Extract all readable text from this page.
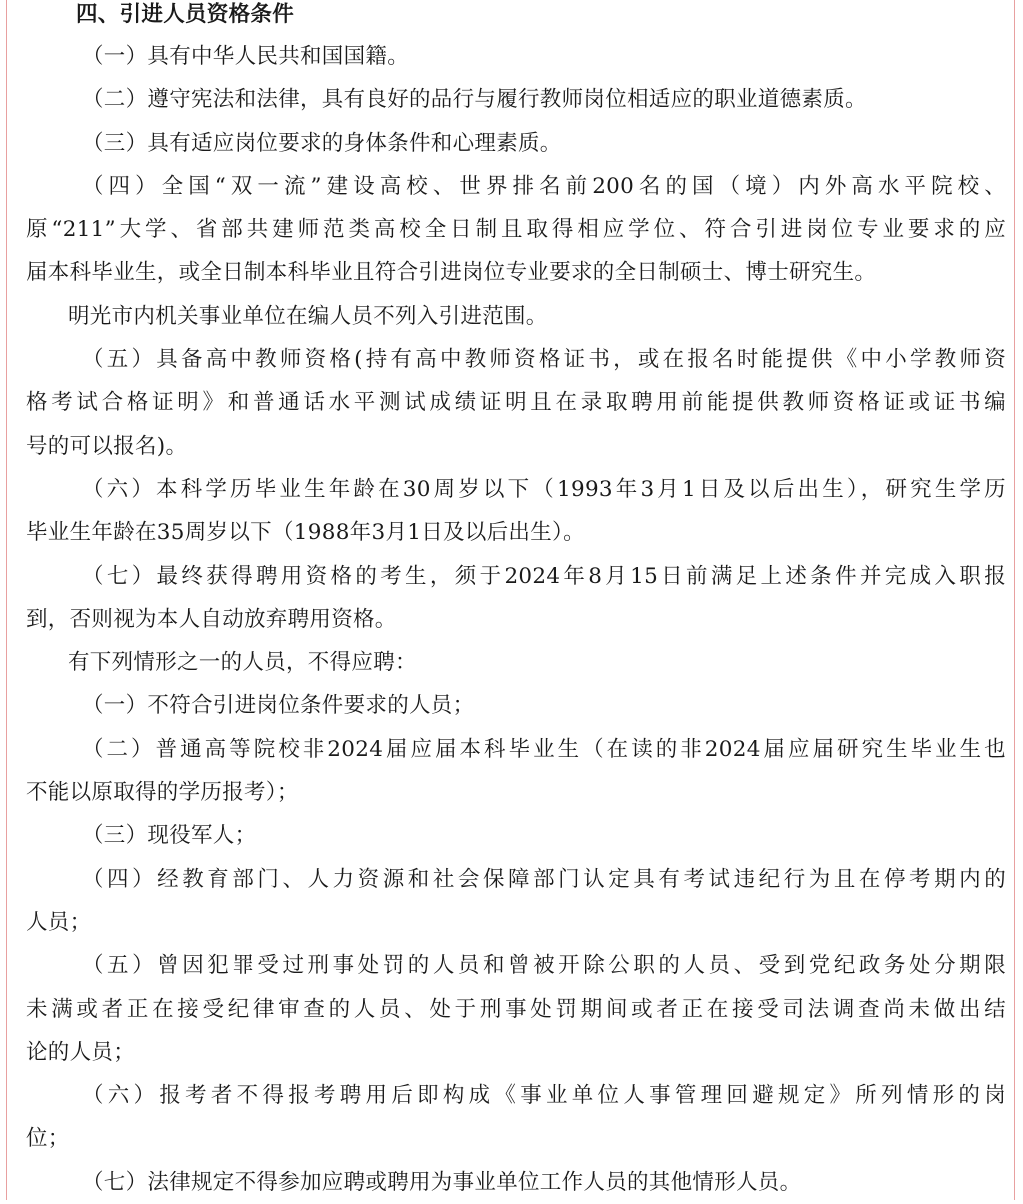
四、引进人员资格条件
（一）具有中华人民共和国国籍。
（二）遵守宪法和法律，具有良好的品行与履行教师岗位相适应的职业道德素质。
（三）具有适应岗位要求的身体条件和心理素质。
（四）全国“双一流”建设高校、世界排名前200名的国（境）内外高水平院校、
原“211”大学、省部共建师范类高校全日制且取得相应学位、符合引进岗位专业要求的应
届本科毕业生，或全日制本科毕业且符合引进岗位专业要求的全日制硕士、博士研究生。
明光市内机关事业单位在编人员不列入引进范围。
（五）具备高中教师资格(持有高中教师资格证书，或在报名时能提供《中小学教师资
格考试合格证明》和普通话水平测试成绩证明且在录取聘用前能提供教师资格证或证书编
号的可以报名)。
（六）本科学历毕业生年龄在30周岁以下（1993年3月1日及以后出生），研究生学历
毕业生年龄在35周岁以下（1988年3月1日及以后出生）。
（七）最终获得聘用资格的考生，须于2024年8月15日前满足上述条件并完成入职报
到，否则视为本人自动放弃聘用资格。
有下列情形之一的人员，不得应聘：
（一）不符合引进岗位条件要求的人员；
（二）普通高等院校非2024届应届本科毕业生（在读的非2024届应届研究生毕业生也
不能以原取得的学历报考）；
（三）现役军人；
（四）经教育部门、人力资源和社会保障部门认定具有考试违纪行为且在停考期内的
人员；
（五）曾因犯罪受过刑事处罚的人员和曾被开除公职的人员、受到党纪政务处分期限
未满或者正在接受纪律审查的人员、处于刑事处罚期间或者正在接受司法调查尚未做出结
论的人员；
（六）报考者不得报考聘用后即构成《事业单位人事管理回避规定》所列情形的岗
位；
（七）法律规定不得参加应聘或聘用为事业单位工作人员的其他情形人员。
